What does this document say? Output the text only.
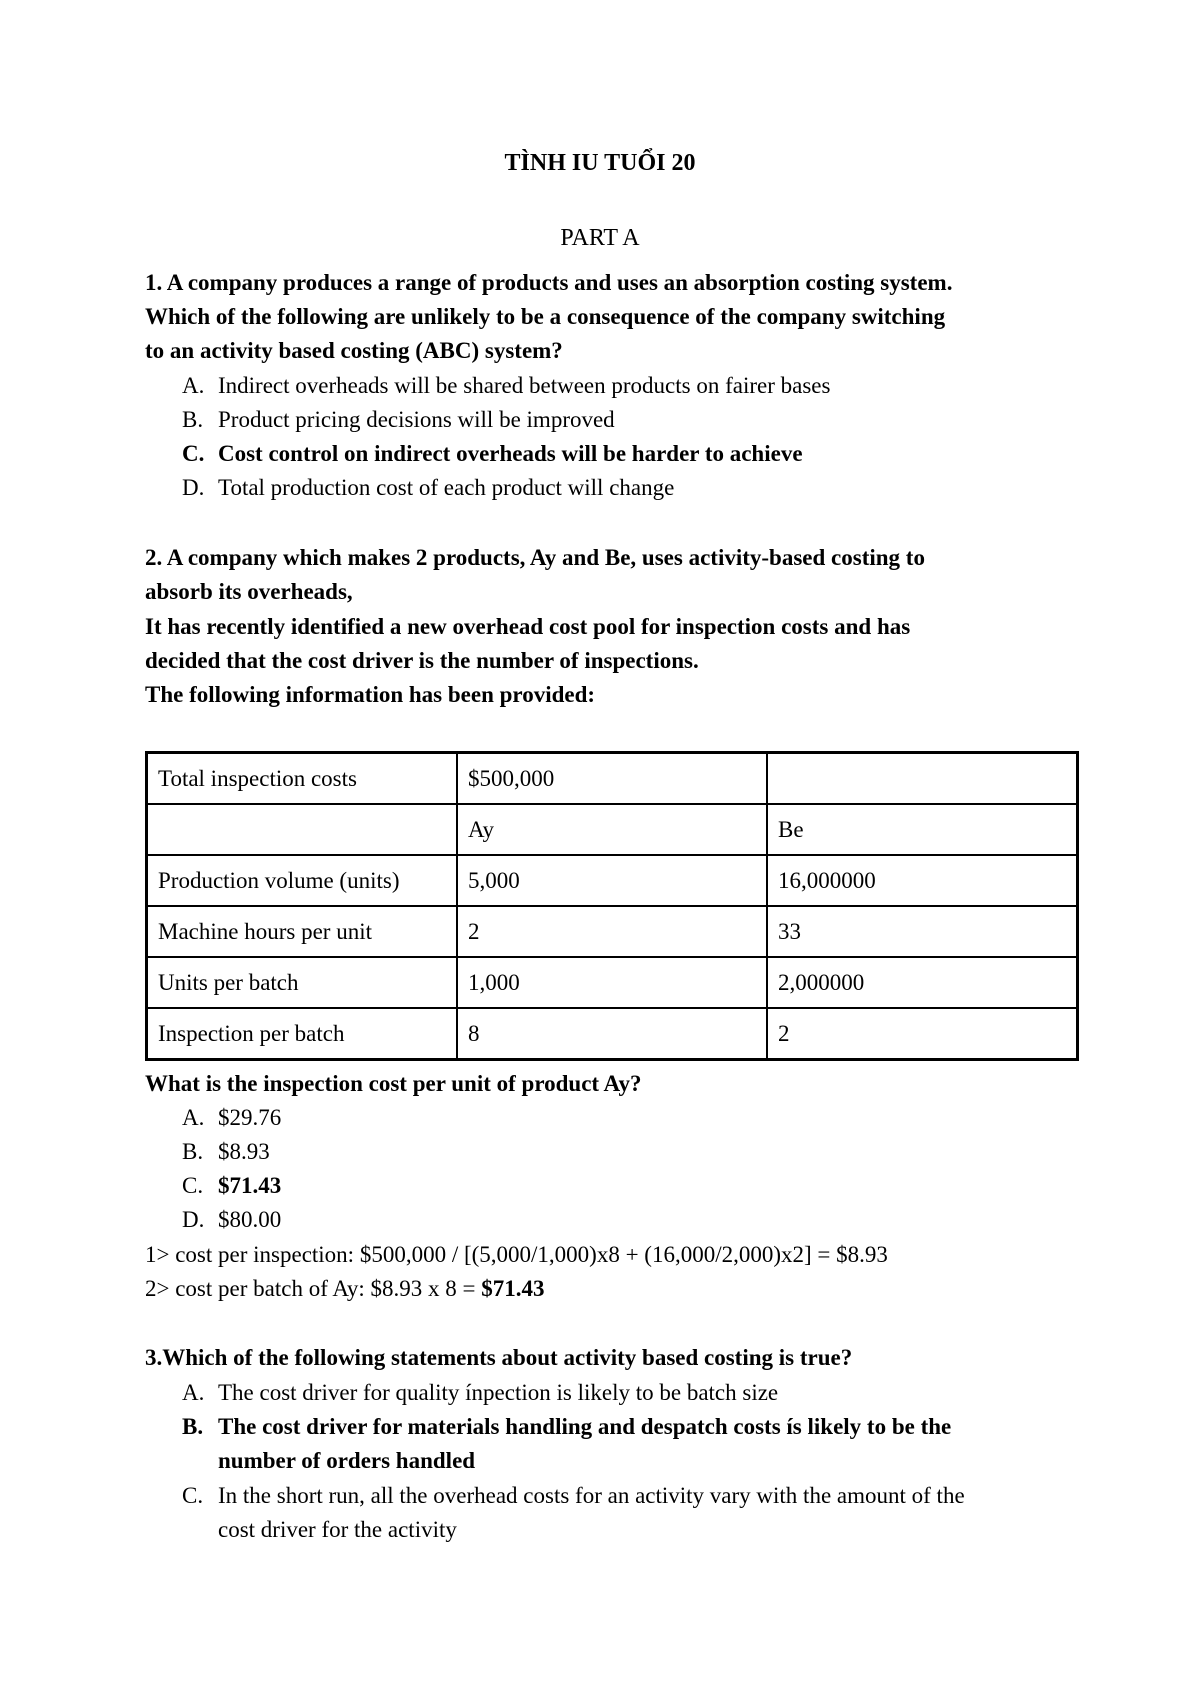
TÌNH IU TUỔI 20
PART A
1. A company produces a range of products and uses an absorption costing system.
Which of the following are unlikely to be a consequence of the company switching
to an activity based costing (ABC) system?
A. Indirect overheads will be shared between products on fairer bases
B. Product pricing decisions will be improved
C. Cost control on indirect overheads will be harder to achieve
D. Total production cost of each product will change
2. A company which makes 2 products, Ay and Be, uses activity-based costing to
absorb its overheads,
It has recently identified a new overhead cost pool for inspection costs and has
decided that the cost driver is the number of inspections.
The following information has been provided:
Total inspection costs	$500,000	
	Ay	Be
Production volume (units)	5,000	16,000000
Machine hours per unit	2	33
Units per batch	1,000	2,000000
Inspection per batch	8	2
What is the inspection cost per unit of product Ay?
A. $29.76
B. $8.93
C. $71.43
D. $80.00
1> cost per inspection: $500,000 / [(5,000/1,000)x8 + (16,000/2,000)x2] = $8.93
2> cost per batch of Ay: $8.93 x 8 = $71.43
3.Which of the following statements about activity based costing is true?
A. The cost driver for quality ínpection is likely to be batch size
B. The cost driver for materials handling and despatch costs ís likely to be the
number of orders handled
C. In the short run, all the overhead costs for an activity vary with the amount of the
cost driver for the activity
